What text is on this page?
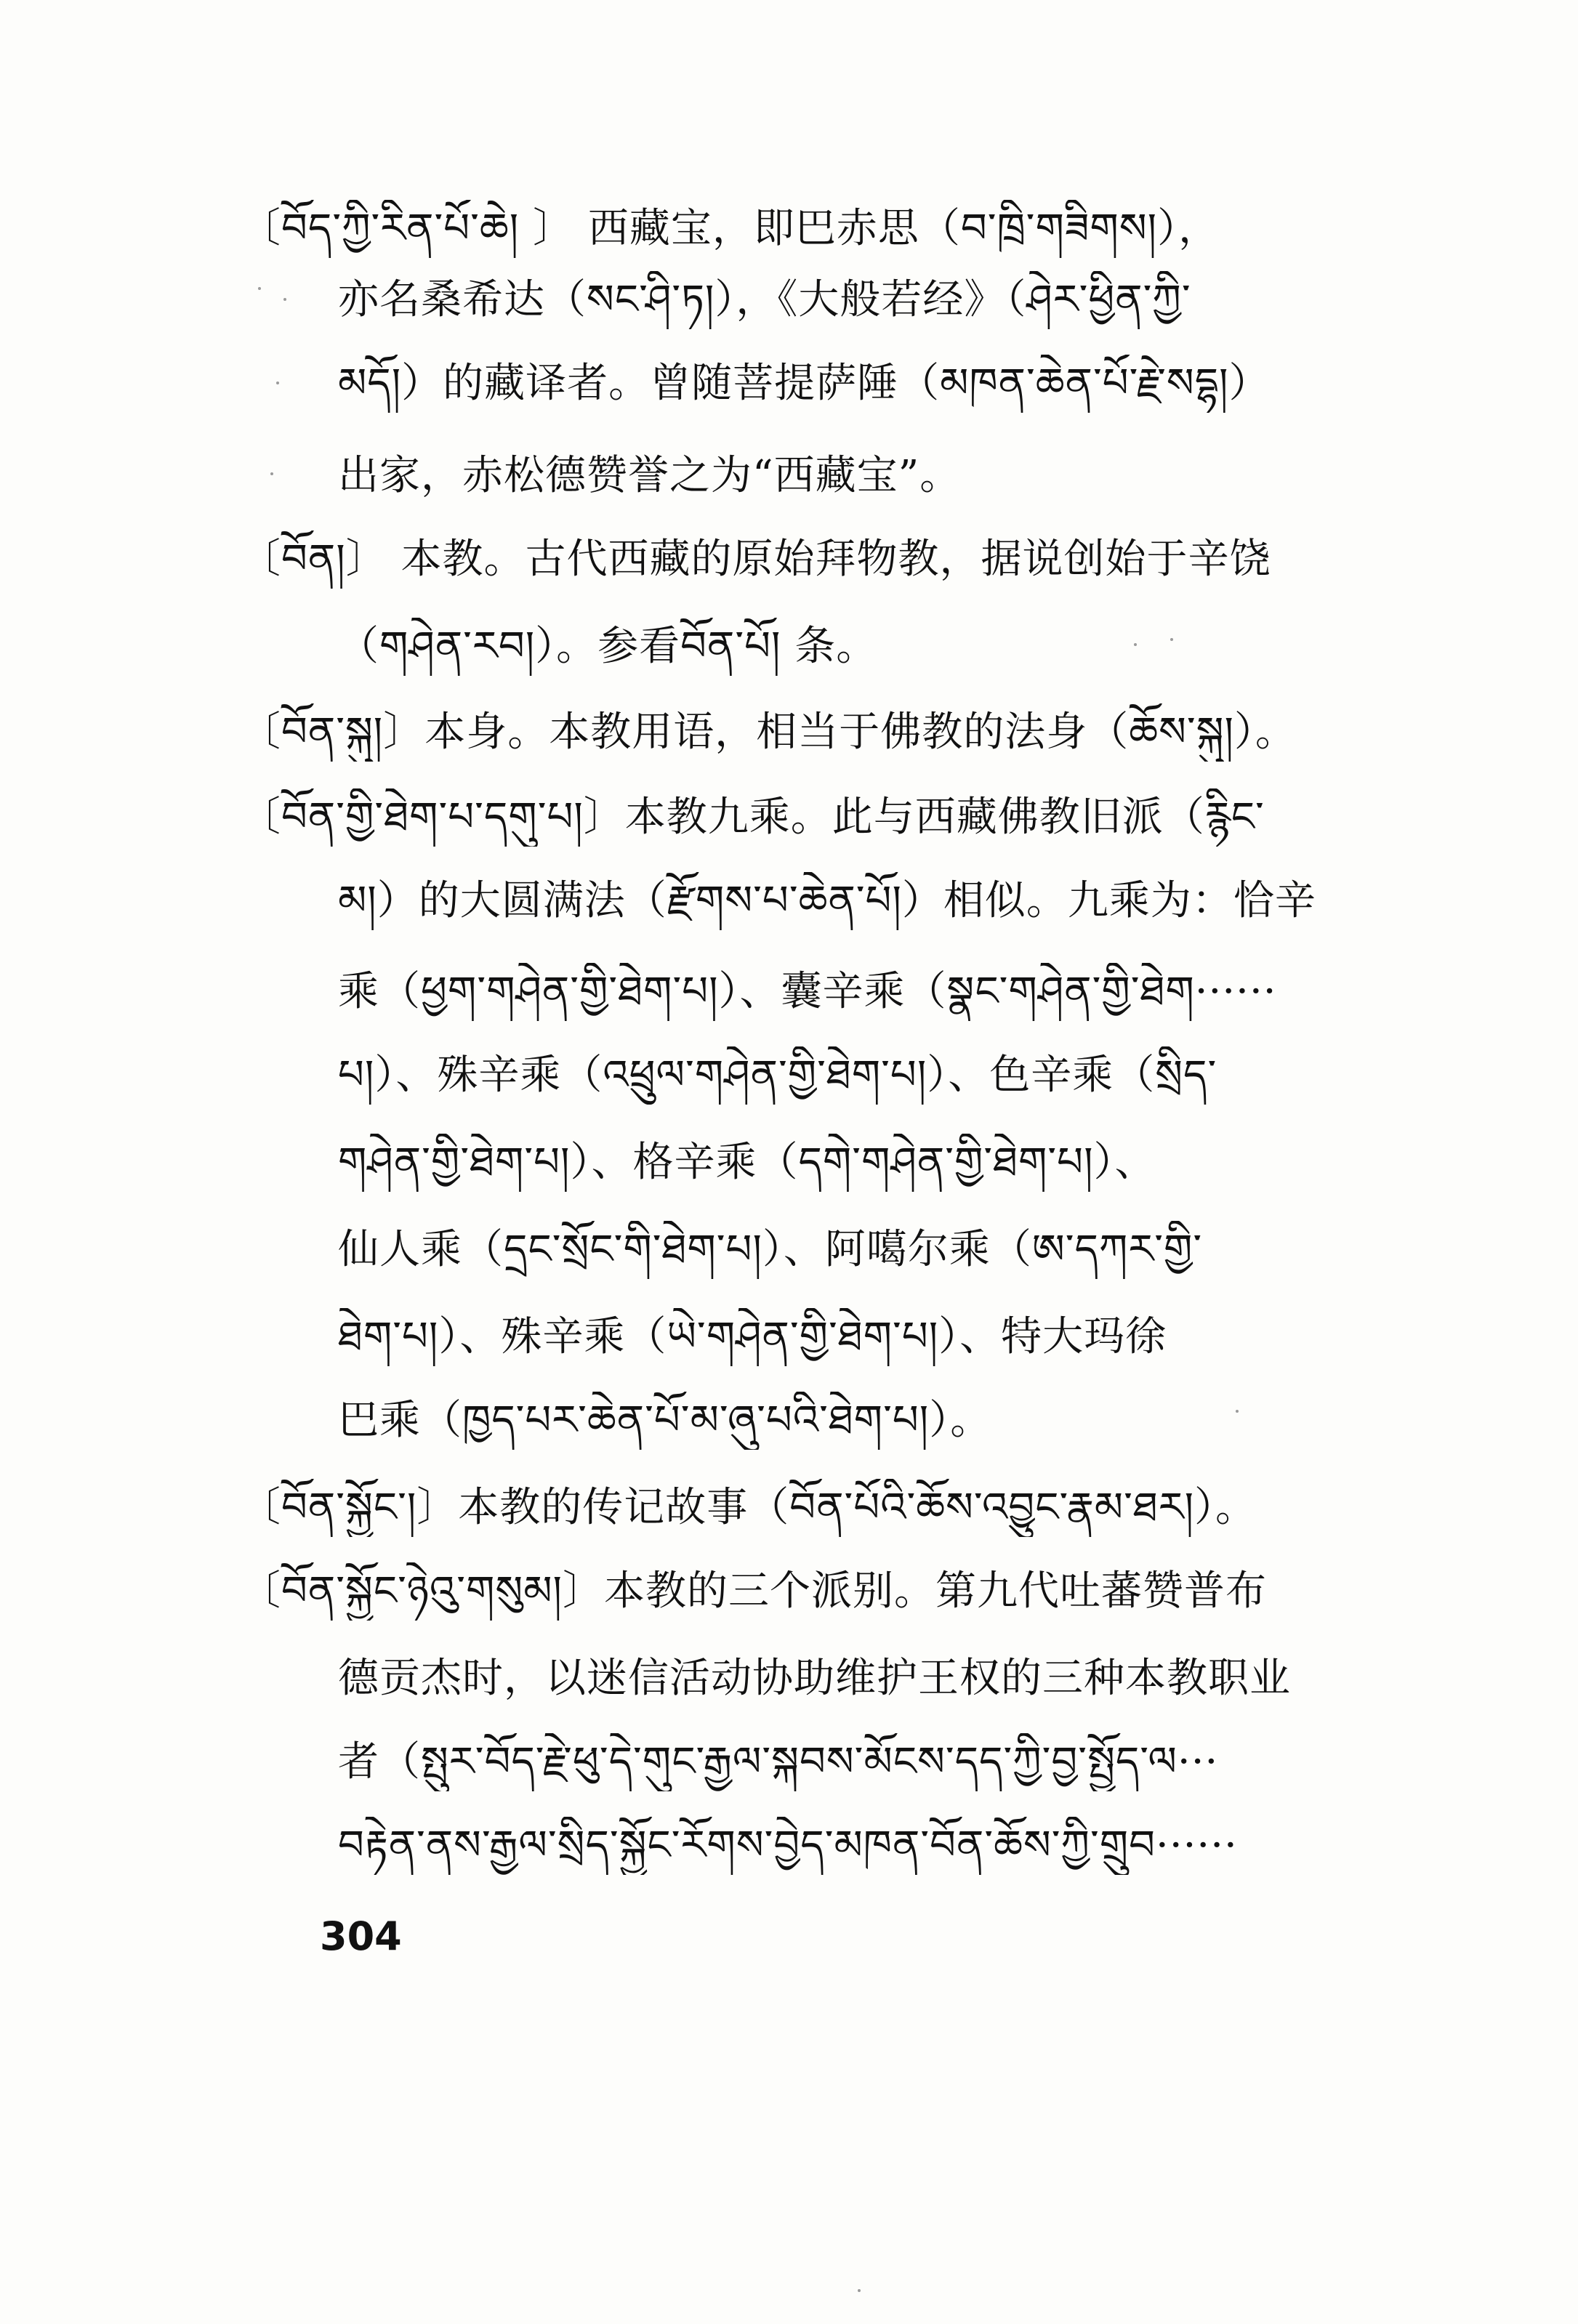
〔བོད་ཀྱི་རིན་པོ་ཆེ། 〕 西藏宝，即巴赤思（བ་ཁྲི་གཟིགས།），
亦名桑希达（སང་ཤི་ཏ།），《大般若经》（ཤེར་ཕྱིན་ཀྱི་
མདོ།）的藏译者。曾随菩提萨陲（མཁན་ཆེན་པོ་རྗེ་སདྷ།）
出家，赤松德赞誉之为“西藏宝”。
〔བོན།〕 本教。古代西藏的原始拜物教，据说创始于辛饶
（གཤེན་རབ།）。参看བོན་པོ། 条。
〔བོན་སྐུ།〕本身。本教用语，相当于佛教的法身（ཆོས་སྐུ།）。
〔བོན་གྱི་ཐེག་པ་དགུ་པ།〕本教九乘。此与西藏佛教旧派（རྙིང་
མ།）的大圆满法（རྫོགས་པ་ཆེན་པོ།）相似。九乘为：恰辛
乘（ཕྱག་གཤེན་གྱི་ཐེག་པ།）、囊辛乘（སྣང་གཤེན་གྱི་ཐེག······
པ།）、殊辛乘（འཕྲུལ་གཤེན་གྱི་ཐེག་པ།）、色辛乘（སྲིད་
གཤེན་གྱི་ཐེག་པ།）、格辛乘（དགེ་གཤེན་གྱི་ཐེག་པ།）、
仙人乘（དྲང་སྲོང་གི་ཐེག་པ།）、阿噶尔乘（ཨ་དཀར་གྱི་
ཐེག་པ།）、殊辛乘（ཡེ་གཤེན་གྱི་ཐེག་པ།）、特大玛徐
巴乘（ཁྱད་པར་ཆེན་པོ་མ་ཞུ་པའི་ཐེག་པ།）。
〔བོན་སྐྱོང་།〕本教的传记故事（བོན་པོའི་ཆོས་འབྱུང་རྣམ་ཐར།）。
〔བོན་སྐྱོང་ཉེའུ་གསུམ།〕本教的三个派别。第九代吐蕃赞普布
德贡杰时，以迷信活动协助维护王权的三种本教职业
者（སྤུར་བོད་རྗེ་ཕུ་དེ་གུང་རྒྱལ་སྐབས་མོངས་དད་ཀྱི་བྱ་སྤྱོད་ལ···
བརྟེན་ནས་རྒྱལ་སྲིད་སྐྱོང་རོགས་བྱེད་མཁན་བོན་ཆོས་ཀྱི་གྲུབ······
304
